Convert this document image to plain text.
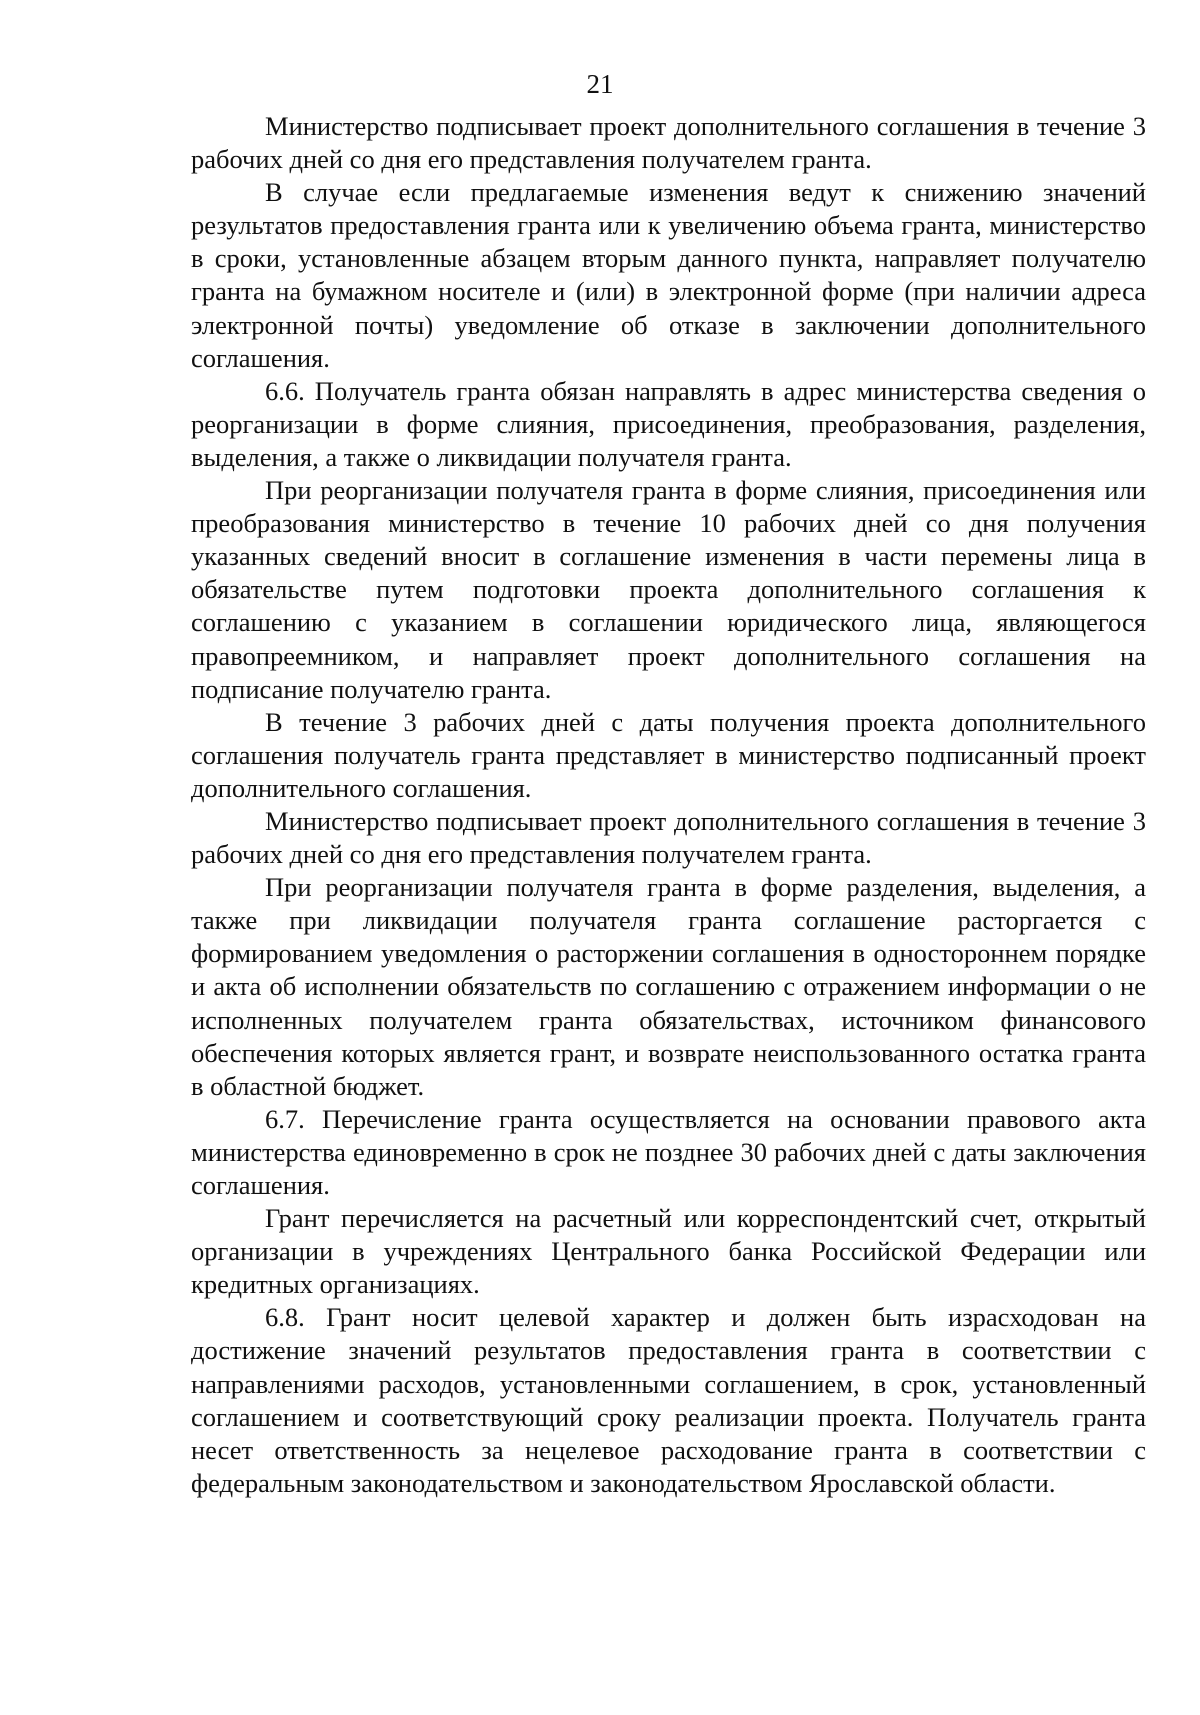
21

Министерство подписывает проект дополнительного соглашения в течение 3 рабочих дней со дня его представления получателем гранта.

В случае если предлагаемые изменения ведут к снижению значений результатов предоставления гранта или к увеличению объема гранта, министерство в сроки, установленные абзацем вторым данного пункта, направляет получателю гранта на бумажном носителе и (или) в электронной форме (при наличии адреса электронной почты) уведомление об отказе в заключении дополнительного соглашения.

6.6. Получатель гранта обязан направлять в адрес министерства сведения о реорганизации в форме слияния, присоединения, преобразования, разделения, выделения, а также о ликвидации получателя гранта.

При реорганизации получателя гранта в форме слияния, присоединения или преобразования министерство в течение 10 рабочих дней со дня получения указанных сведений вносит в соглашение изменения в части перемены лица в обязательстве путем подготовки проекта дополнительного соглашения к соглашению с указанием в соглашении юридического лица, являющегося правопреемником, и направляет проект дополнительного соглашения на подписание получателю гранта.

В течение 3 рабочих дней с даты получения проекта дополнительного соглашения получатель гранта представляет в министерство подписанный проект дополнительного соглашения.

Министерство подписывает проект дополнительного соглашения в течение 3 рабочих дней со дня его представления получателем гранта.

При реорганизации получателя гранта в форме разделения, выделения, а также при ликвидации получателя гранта соглашение расторгается с формированием уведомления о расторжении соглашения в одностороннем порядке и акта об исполнении обязательств по соглашению с отражением информации о не исполненных получателем гранта обязательствах, источником финансового обеспечения которых является грант, и возврате неиспользованного остатка гранта в областной бюджет.

6.7. Перечисление гранта осуществляется на основании правового акта министерства единовременно в срок не позднее 30 рабочих дней с даты заключения соглашения.

Грант перечисляется на расчетный или корреспондентский счет, открытый организации в учреждениях Центрального банка Российской Федерации или кредитных организациях.

6.8. Грант носит целевой характер и должен быть израсходован на достижение значений результатов предоставления гранта в соответствии с направлениями расходов, установленными соглашением, в срок, установленный соглашением и соответствующий сроку реализации проекта. Получатель гранта несет ответственность за нецелевое расходование гранта в соответствии с федеральным законодательством и законодательством Ярославской области.
